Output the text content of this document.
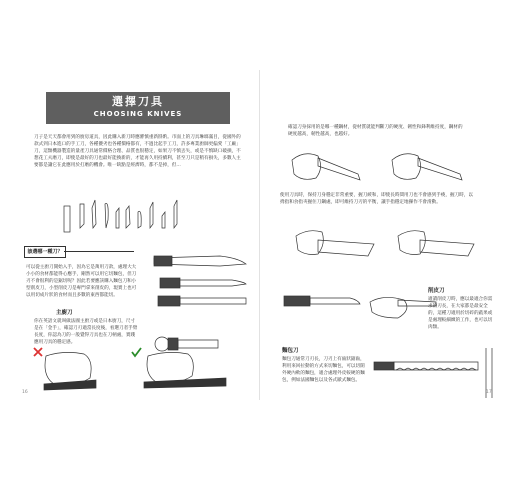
選擇刀具
CHOOSING KNIVES

刀子是天天都會用到的廚房道具，因此購入新刀時應審慎重新斟酌。市面上的刀具琳瑯滿目，從國外的款式到日本進口的手工刀，各種優劣也各種價格都有，不過比起手工刀，許多專業廚師更偏愛「工廠」刀，這類機器製造的量產刀具通常價格合理、品質也很穩定，如果刀不慎丟失，或是不慎缺口破損，不想花工夫磨刀，即使是最好的刀也最好能換新的，才能再久用持續利，甚至刀只是稍有損失，多數人主要都是讓它在此應用於打磨的機會。唯一缺點是經濟時，都不是掉，但...

該選哪一種刀？

可以從主廚刀開始入手，因為它是萬用刀款，處理大大小小的食材都能得心應手，剛然可以用它切麵包，但刀刃不會很利的是鋸切呢？因此若要應該購入麵包刀和小型削皮刀，小型削皮刀是專門拿來削皮的，現實上也可以用切成片狀的食材而且多數的東西都能切。

主廚刀

你在英語文就叫做法國主廚刀或是日本廚刀，尺寸是在「金手」，確認刀刃適當長度後，看選刀者手臂長度，你認為刀的一般覺得刀具也在刀柄處，實踐應用刀具的穩定感。

16

確認刀身採用的是哪一種鋼材，從材質就能判斷刀的硬度、韌性和鋒利維持度，鋼材的硬度越高，韌性越高，也越好。

使用刀具時，保持刀身穩定非常重要，握刀緩和，即使長時間用刀也不會感到手痠，握刀時，以拇指和食指夾握住刀鋼處，即可維持刀刃的平衡，讓手指穩定地操作不會滑動。

削皮刀

適讀削皮刀時，應以最適合你需求的刃長，在大家都是最安全的，這種刀適用於切碎的蔬果或是處理較細緻的工作，也可以切肉類。

麵包刀

麵包刀通常刀刃長，刀刃上有齒狀鋸齒，利用來回拉動的方式來切麵包，可以切開外硬內軟的麵包，適合處理外皮較硬的麵包，例如法國麵包以及各式歐式麵包。

17
